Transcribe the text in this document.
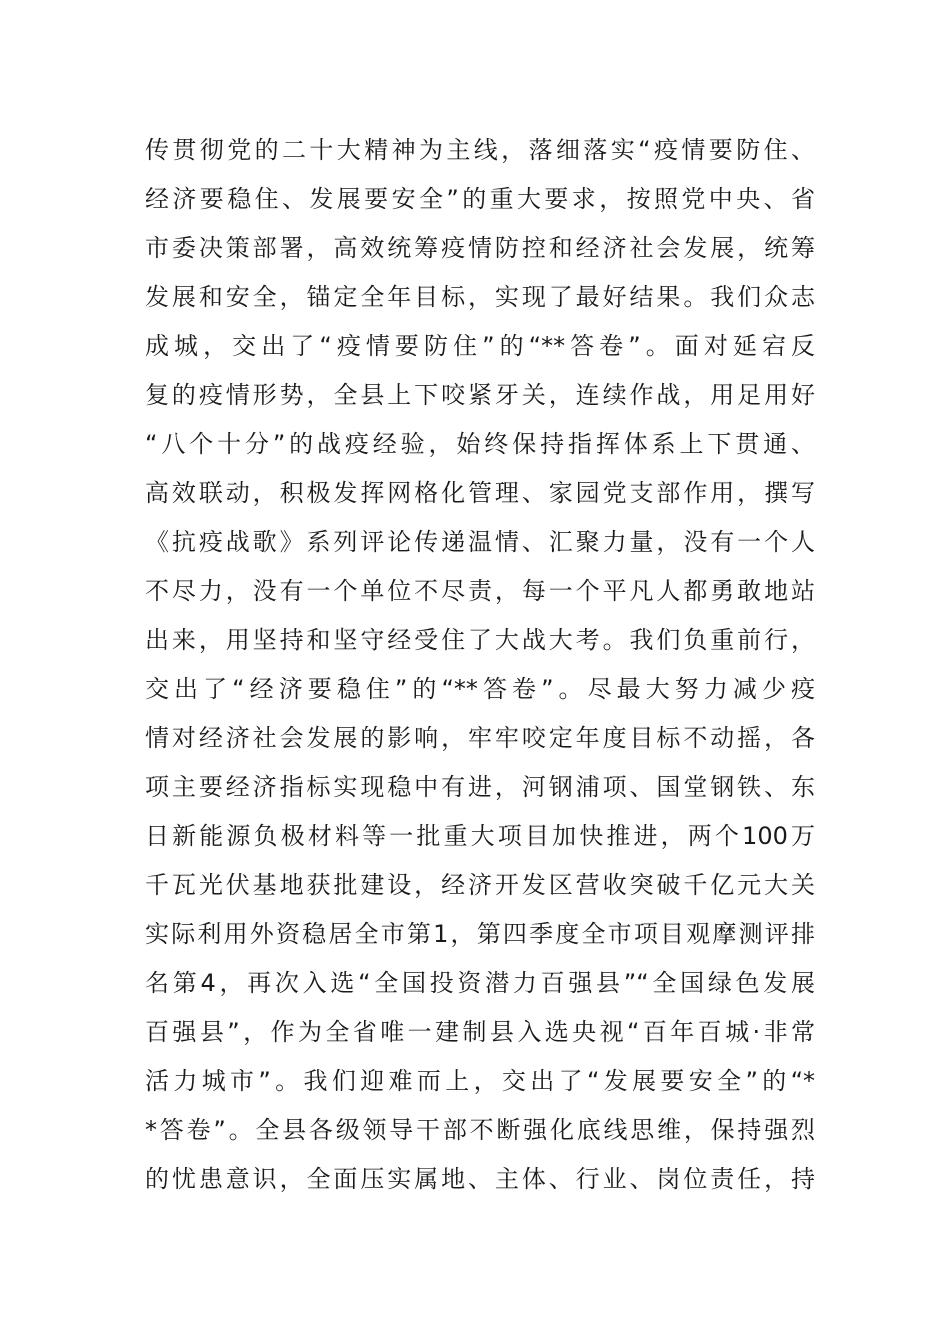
传贯彻党的二十大精神为主线，落细落实“疫情要防住、
经济要稳住、发展要安全”的重大要求，按照党中央、省
市委决策部署，高效统筹疫情防控和经济社会发展，统筹
发展和安全，锚定全年目标，实现了最好结果。我们众志
成城，交出了“疫情要防住”的“**答卷”。面对延宕反
复的疫情形势，全县上下咬紧牙关，连续作战，用足用好
“八个十分”的战疫经验，始终保持指挥体系上下贯通、
高效联动，积极发挥网格化管理、家园党支部作用，撰写
《抗疫战歌》系列评论传递温情、汇聚力量，没有一个人
不尽力，没有一个单位不尽责，每一个平凡人都勇敢地站
出来，用坚持和坚守经受住了大战大考。我们负重前行，
交出了“经济要稳住”的“**答卷”。尽最大努力减少疫
情对经济社会发展的影响，牢牢咬定年度目标不动摇，各
项主要经济指标实现稳中有进，河钢浦项、国堂钢铁、东
日新能源负极材料等一批重大项目加快推进，两个100万
千瓦光伏基地获批建设，经济开发区营收突破千亿元大关
实际利用外资稳居全市第1，第四季度全市项目观摩测评排
名第4，再次入选“全国投资潜力百强县”“全国绿色发展
百强县”，作为全省唯一建制县入选央视“百年百城·非常
活力城市”。我们迎难而上，交出了“发展要安全”的“*
*答卷”。全县各级领导干部不断强化底线思维，保持强烈
的忧患意识，全面压实属地、主体、行业、岗位责任，持
